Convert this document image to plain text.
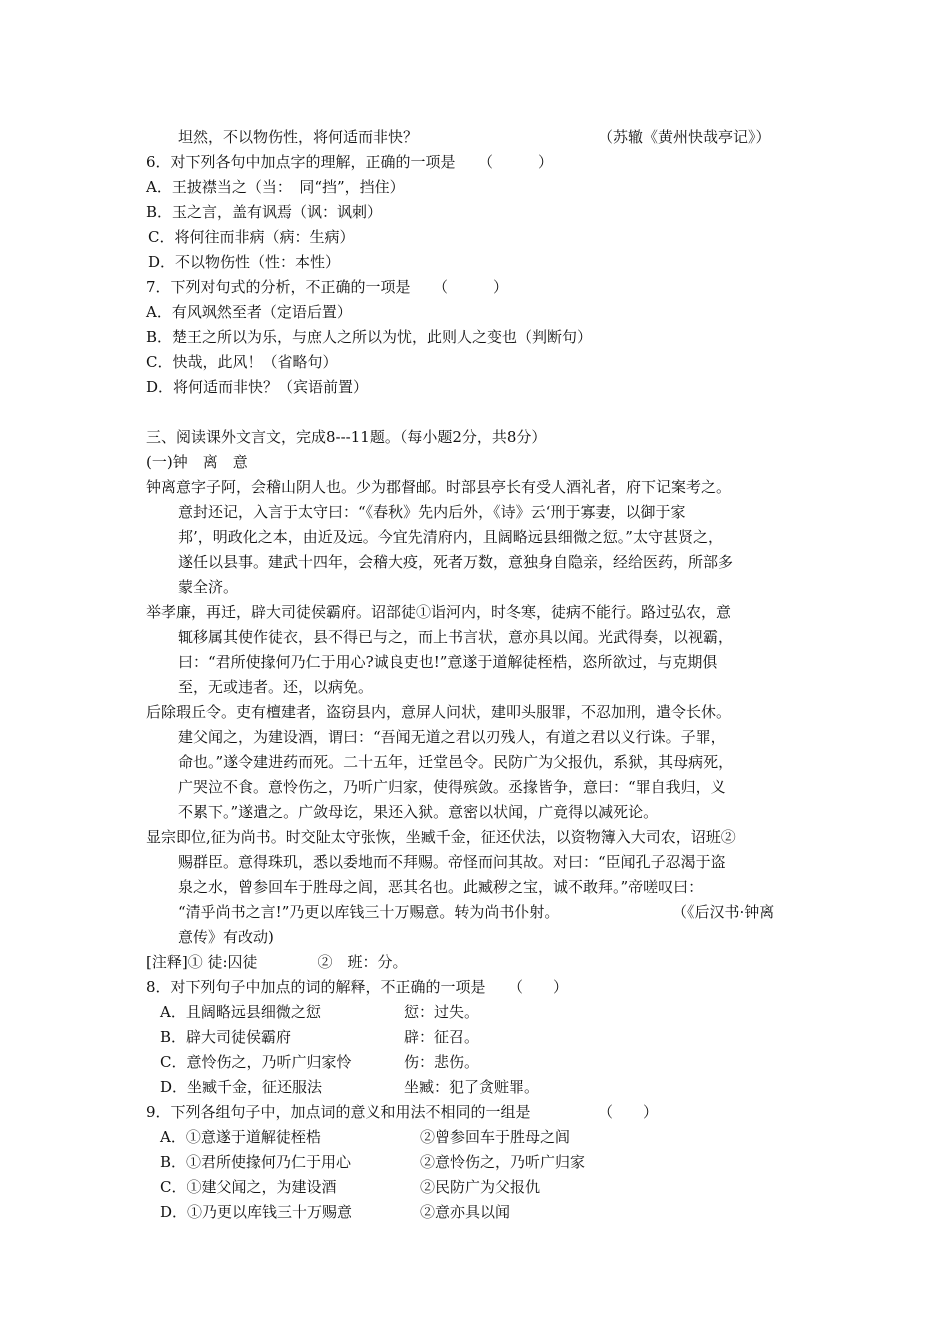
坦然，不以物伤性，将何适而非快？	（苏辙《黄州快哉亭记》）
6．对下列各句中加点字的理解，正确的一项是　　（　　　）
A．王披襟当之（当：　同“挡”，挡住）
B．玉之言，盖有讽焉（讽：讽刺）
C．将何往而非病（病：生病）
D．不以物伤性（性：本性）
7．下列对句式的分析，不正确的一项是　　（　　　）
A．有风飒然至者（定语后置）
B．楚王之所以为乐，与庶人之所以为忧，此则人之变也（判断句）
C．快哉，此风！（省略句）
D．将何适而非快？（宾语前置）
三、阅读课外文言文，完成8---11题。（每小题2分，共8分）
(一)钟　离　意
钟离意字子阿，会稽山阴人也。少为郡督邮。时部县亭长有受人酒礼者，府下记案考之。
意封还记，入言于太守曰：“《春秋》先内后外，《诗》云‘刑于寡妻，以御于家
邦’，明政化之本，由近及远。今宜先清府内，且阔略远县细微之愆。”太守甚贤之，
遂任以县事。建武十四年，会稽大疫，死者万数，意独身自隐亲，经给医药，所部多
蒙全济。
举孝廉，再迁，辟大司徒侯霸府。诏部徒①诣河内，时冬寒，徒病不能行。路过弘农，意
辄移属其使作徒衣，县不得已与之，而上书言状，意亦具以闻。光武得奏，以视霸，
曰：“君所使掾何乃仁于用心?诚良吏也!”意遂于道解徒桎梏，恣所欲过，与克期俱
至，无或违者。还，以病免。
后除瑕丘令。吏有檀建者，盗窃县内，意屏人问状，建叩头服罪，不忍加刑，遣令长休。
建父闻之，为建设酒，谓曰：“吾闻无道之君以刃残人，有道之君以义行诛。子罪，
命也。”遂令建进药而死。二十五年，迁堂邑令。民防广为父报仇，系狱，其母病死，
广哭泣不食。意怜伤之，乃听广归家，使得殡敛。丞掾皆争，意曰：“罪自我归，义
不累下。”遂遣之。广敛母讫，果还入狱。意密以状闻，广竟得以减死论。
显宗即位,征为尚书。时交阯太守张恢，坐臧千金，征还伏法，以资物簿入大司农，诏班②
赐群臣。意得珠玑，悉以委地而不拜赐。帝怪而问其故。对曰：“臣闻孔子忍渴于盗
泉之水，曾参回车于胜母之闾，恶其名也。此臧秽之宝，诚不敢拜。”帝嗟叹曰：
“清乎尚书之言!”乃更以库钱三十万赐意。转为尚书仆射。	（《后汉书·钟离
意传》有改动)
[注释]① 徒:囚徒　　　　②　班：分。
8．对下列句子中加点的词的解释，不正确的一项是　　（　　）
A．且阔略远县细微之愆	愆：过失。
B．辟大司徒侯霸府	辟：征召。
C．意怜伤之，乃听广归家怜	伤：悲伤。
D．坐臧千金，征还服法	坐臧：犯了贪赃罪。
9．下列各组句子中，加点词的意义和用法不相同的一组是　　　　　（　　）
A．①意遂于道解徒桎梏	②曾参回车于胜母之闾
B．①君所使掾何乃仁于用心	②意怜伤之，乃听广归家
C．①建父闻之，为建设酒	②民防广为父报仇
D．①乃更以库钱三十万赐意	②意亦具以闻
